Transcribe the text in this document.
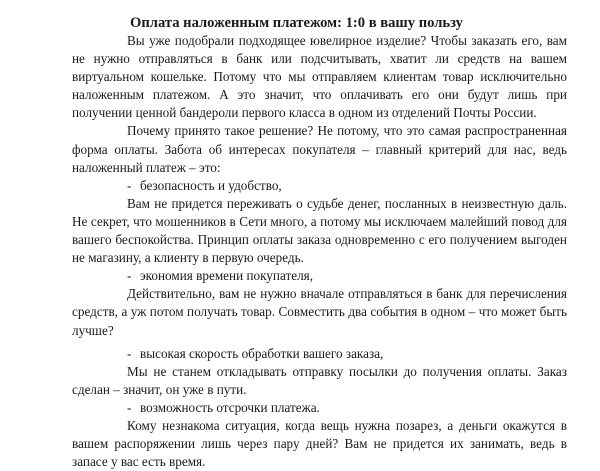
Оплата наложенным платежом: 1:0 в вашу пользу

Вы уже подобрали подходящее ювелирное изделие? Чтобы заказать его, вам не нужно отправляться в банк или подсчитывать, хватит ли средств на вашем виртуальном кошельке. Потому что мы отправляем клиентам товар исключительно наложенным платежом. А это значит, что оплачивать его они будут лишь при получении ценной бандероли первого класса в одном из отделений Почты России.

Почему принято такое решение? Не потому, что это самая распространенная форма оплаты. Забота об интересах покупателя – главный критерий для нас, ведь наложенный платеж – это:

- безопасность и удобство,

Вам не придется переживать о судьбе денег, посланных в неизвестную даль. Не секрет, что мошенников в Сети много, а потому мы исключаем малейший повод для вашего беспокойства. Принцип оплаты заказа одновременно с его получением выгоден не магазину, а клиенту в первую очередь.

- экономия времени покупателя,

Действительно, вам не нужно вначале отправляться в банк для перечисления средств, а уж потом получать товар. Совместить два события в одном – что может быть лучше?

- высокая скорость обработки вашего заказа,

Мы не станем откладывать отправку посылки до получения оплаты. Заказ сделан – значит, он уже в пути.

- возможность отсрочки платежа.

Кому незнакома ситуация, когда вещь нужна позарез, а деньги окажутся в вашем распоряжении лишь через пару дней? Вам не придется их занимать, ведь в запасе у вас есть время.
